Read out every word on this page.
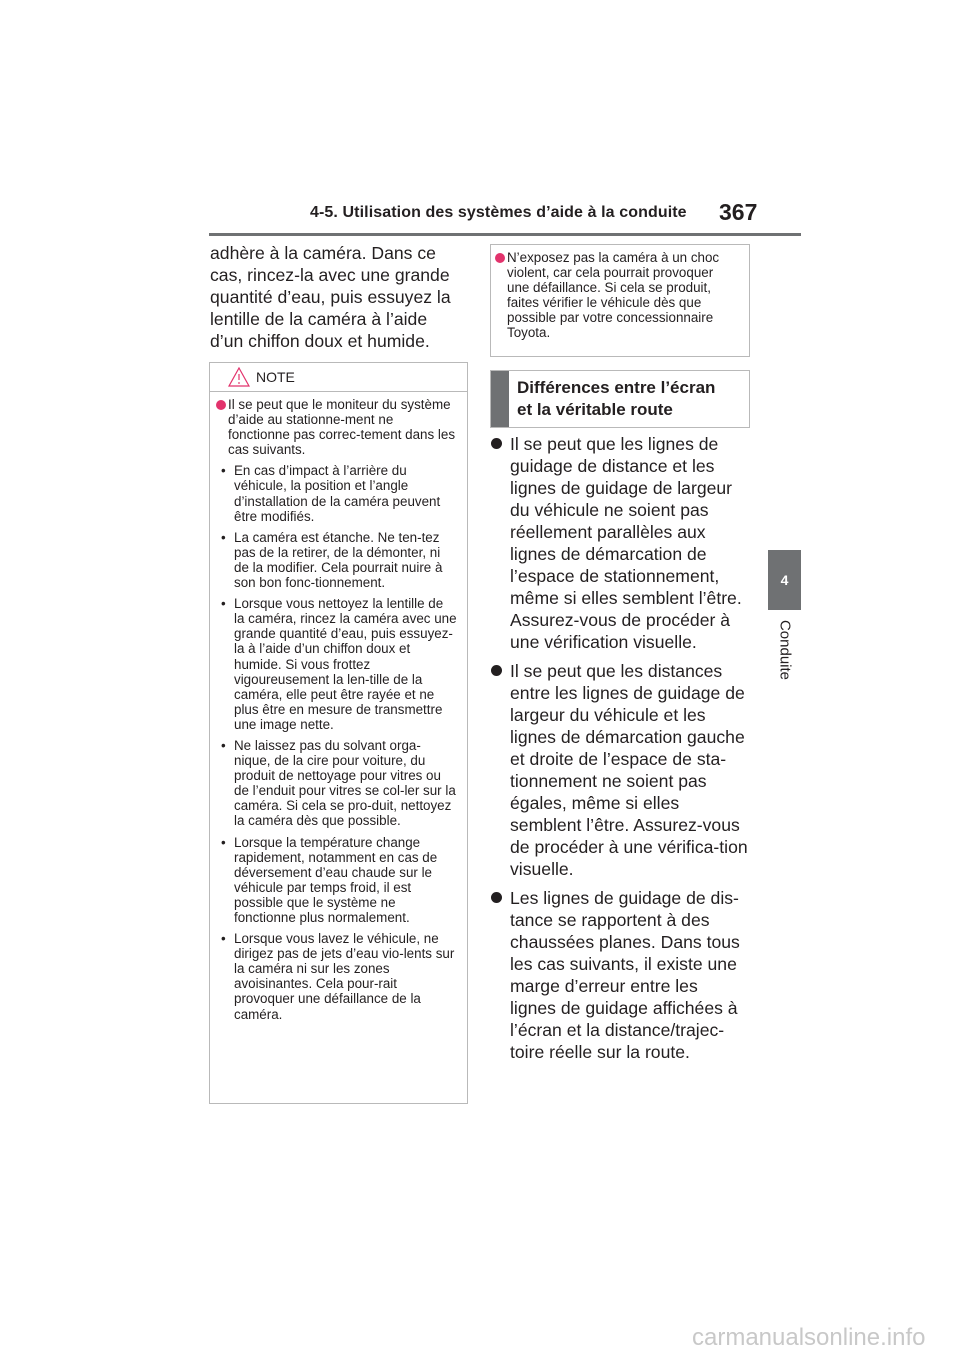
4-5. Utilisation des systèmes d’aide à la conduite 367
4
Conduite

adhère à la caméra. Dans ce

cas, rincez-la avec une grande

quantité d’eau, puis essuyez la

lentille de la caméra à l’aide

d’un chiffon doux et humide.

NOTE
Il se peut que le moniteur du système d’aide au stationne-ment ne fonctionne pas correc-tement dans les cas suivants.
• En cas d’impact à l’arrière du véhicule, la position et l’angle d’installation de la caméra peuvent être modifiés.
• La caméra est étanche. Ne ten-tez pas de la retirer, de la démonter, ni de la modifier. Cela pourrait nuire à son bon fonc-tionnement.
• Lorsque vous nettoyez la lentille de la caméra, rincez la caméra avec une grande quantité d’eau, puis essuyez-la à l’aide d’un chiffon doux et humide. Si vous frottez vigoureusement la len-tille de la caméra, elle peut être rayée et ne plus être en mesure de transmettre une image nette.
• Ne laissez pas du solvant orga-nique, de la cire pour voiture, du produit de nettoyage pour vitres ou de l’enduit pour vitres se col-ler sur la caméra. Si cela se pro-duit, nettoyez la caméra dès que possible.
• Lorsque la température change rapidement, notamment en cas de déversement d’eau chaude sur le véhicule par temps froid, il est possible que le système ne fonctionne plus normalement.
• Lorsque vous lavez le véhicule, ne dirigez pas de jets d’eau vio-lents sur la caméra ni sur les zones avoisinantes. Cela pour-rait provoquer une défaillance de la caméra.
N’exposez pas la caméra à un choc violent, car cela pourrait provoquer une défaillance. Si cela se produit, faites vérifier le véhicule dès que possible par votre concessionnaire Toyota.
Différences entre l’écran
et la véritable route
Il se peut que les lignes de guidage de distance et les lignes de guidage de largeur du véhicule ne soient pas réellement parallèles aux lignes de démarcation de l’espace de stationnement, même si elles semblent l’être. Assurez-vous de procéder à une vérification visuelle.
Il se peut que les distances entre les lignes de guidage de largeur du véhicule et les lignes de démarcation gauche et droite de l’espace de sta-tionnement ne soient pas égales, même si elles semblent l’être. Assurez-vous de procéder à une vérifica-tion visuelle.
Les lignes de guidage de dis-tance se rapportent à des chaussées planes. Dans tous les cas suivants, il existe une marge d’erreur entre les lignes de guidage affichées à l’écran et la distance/trajec-toire réelle sur la route.
carmanualsonline.info
